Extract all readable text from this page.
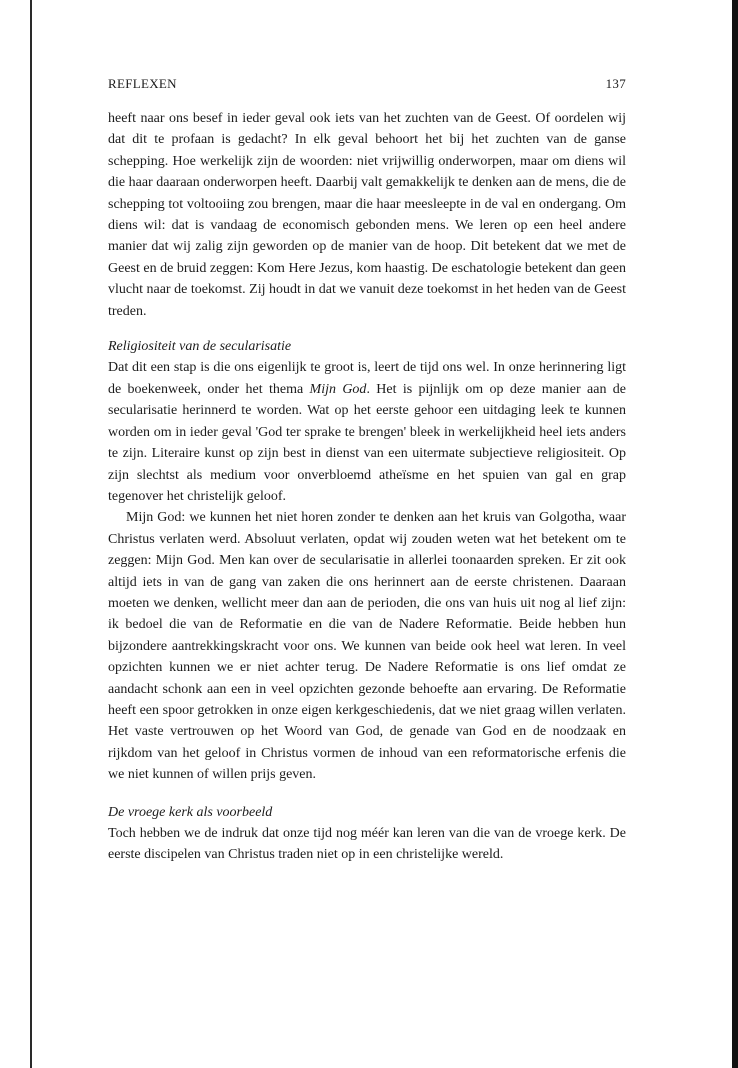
REFLEXEN	137

heeft naar ons besef in ieder geval ook iets van het zuchten van de Geest. Of oordelen wij dat dit te profaan is gedacht? In elk geval behoort het bij het zuchten van de ganse schepping. Hoe werkelijk zijn de woorden: niet vrijwillig onderworpen, maar om diens wil die haar daaraan onderworpen heeft. Daarbij valt gemakkelijk te denken aan de mens, die de schepping tot voltooiing zou brengen, maar die haar meesleepte in de val en ondergang. Om diens wil: dat is vandaag de economisch gebonden mens. We leren op een heel andere manier dat wij zalig zijn geworden op de manier van de hoop. Dit betekent dat we met de Geest en de bruid zeggen: Kom Here Jezus, kom haastig. De eschatologie betekent dan geen vlucht naar de toekomst. Zij houdt in dat we vanuit deze toekomst in het heden van de Geest treden.

Religiositeit van de secularisatie

Dat dit een stap is die ons eigenlijk te groot is, leert de tijd ons wel. In onze herinnering ligt de boekenweek, onder het thema Mijn God. Het is pijnlijk om op deze manier aan de secularisatie herinnerd te worden. Wat op het eerste gehoor een uitdaging leek te kunnen worden om in ieder geval 'God ter sprake te brengen' bleek in werkelijkheid heel iets anders te zijn. Literaire kunst op zijn best in dienst van een uitermate subjectieve religiositeit. Op zijn slechtst als medium voor onverbloemd atheïsme en het spuien van gal en grap tegenover het christelijk geloof.

Mijn God: we kunnen het niet horen zonder te denken aan het kruis van Golgotha, waar Christus verlaten werd. Absoluut verlaten, opdat wij zouden weten wat het betekent om te zeggen: Mijn God. Men kan over de secularisatie in allerlei toonaarden spreken. Er zit ook altijd iets in van de gang van zaken die ons herinnert aan de eerste christenen. Daaraan moeten we denken, wellicht meer dan aan de perioden, die ons van huis uit nog al lief zijn: ik bedoel die van de Reformatie en die van de Nadere Reformatie. Beide hebben hun bijzondere aantrekkingskracht voor ons. We kunnen van beide ook heel wat leren. In veel opzichten kunnen we er niet achter terug. De Nadere Reformatie is ons lief omdat ze aandacht schonk aan een in veel opzichten gezonde behoefte aan ervaring. De Reformatie heeft een spoor getrokken in onze eigen kerkgeschiedenis, dat we niet graag willen verlaten. Het vaste vertrouwen op het Woord van God, de genade van God en de noodzaak en rijkdom van het geloof in Christus vormen de inhoud van een reformatorische erfenis die we niet kunnen of willen prijs geven.

De vroege kerk als voorbeeld

Toch hebben we de indruk dat onze tijd nog méér kan leren van die van de vroege kerk. De eerste discipelen van Christus traden niet op in een christelijke wereld.
